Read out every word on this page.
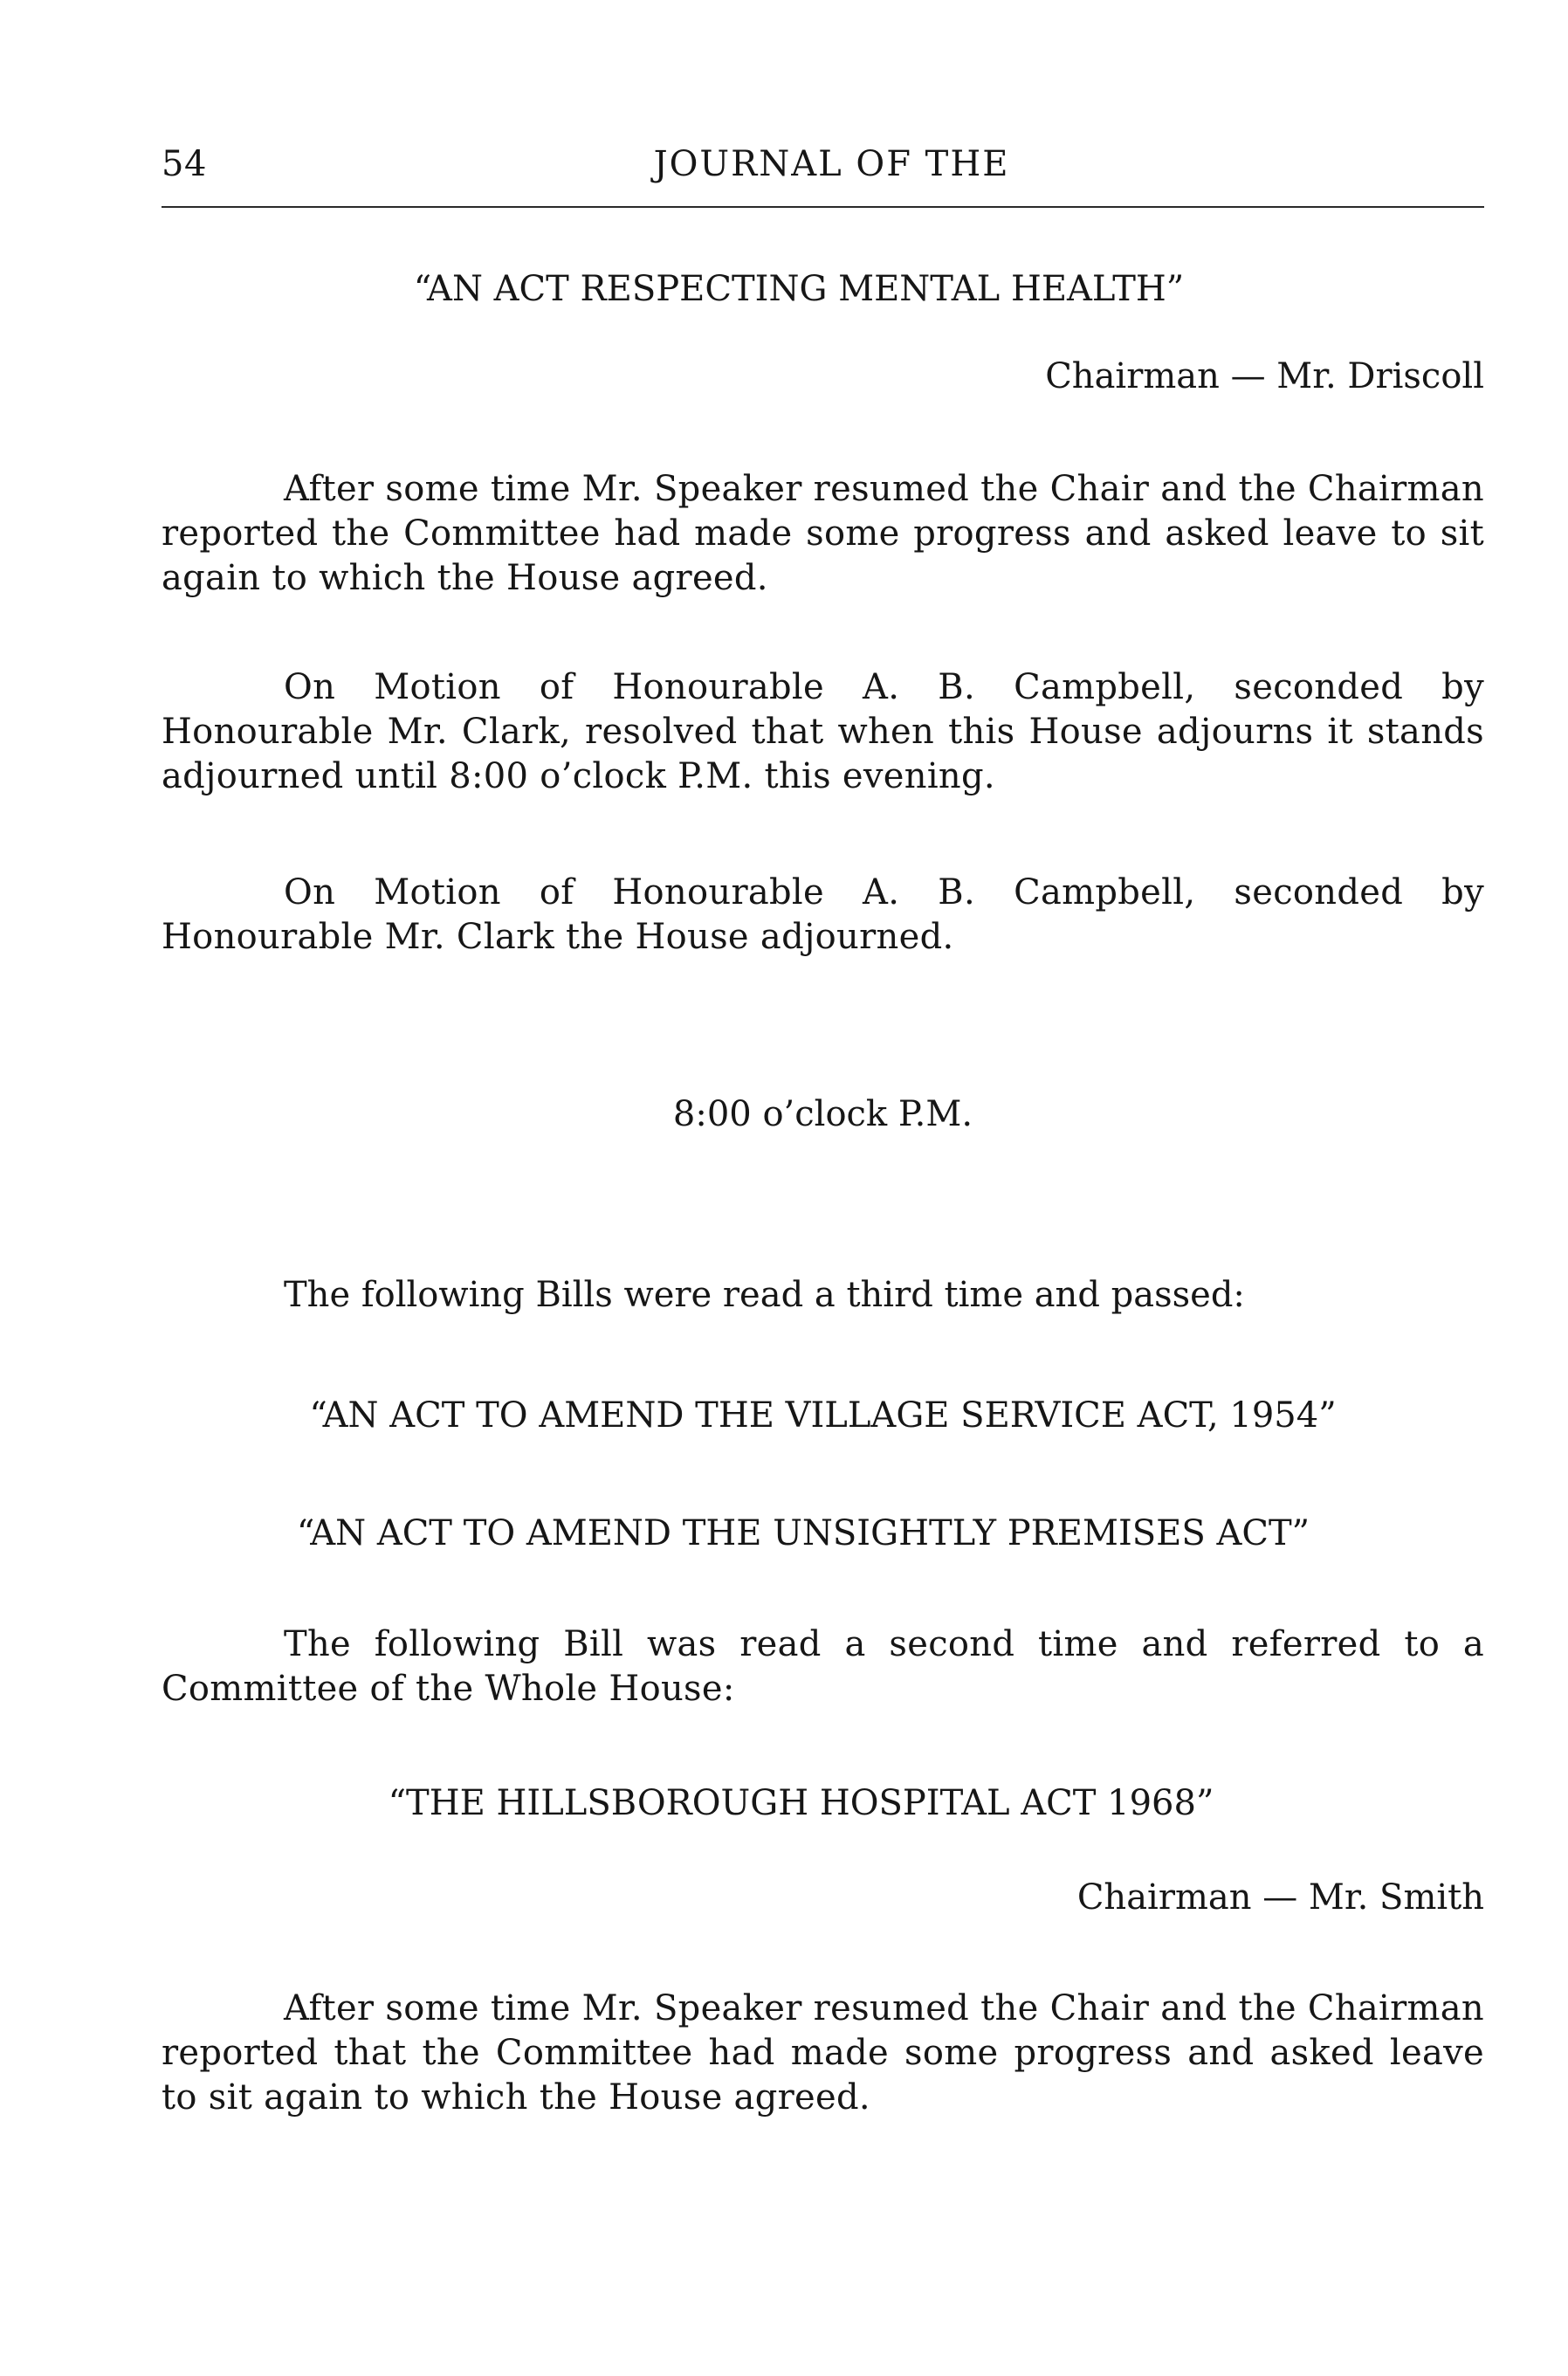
54	JOURNAL OF THE
“AN ACT RESPECTING MENTAL HEALTH”
Chairman — Mr. Driscoll
After some time Mr. Speaker resumed the Chair and the Chairman reported the Committee had made some progress and asked leave to sit again to which the House agreed.
On Motion of Honourable A. B. Campbell, seconded by Honourable Mr. Clark, resolved that when this House adjourns it stands adjourned until 8:00 o’clock P.M. this evening.
On Motion of Honourable A. B. Campbell, seconded by Honourable Mr. Clark the House adjourned.
8:00 o’clock P.M.
The following Bills were read a third time and passed:
“AN ACT TO AMEND THE VILLAGE SERVICE ACT, 1954”
“AN ACT TO AMEND THE UNSIGHTLY PREMISES ACT”
The following Bill was read a second time and referred to a Committee of the Whole House:
“THE HILLSBOROUGH HOSPITAL ACT 1968”
Chairman — Mr. Smith
After some time Mr. Speaker resumed the Chair and the Chairman reported that the Committee had made some progress and asked leave to sit again to which the House agreed.
